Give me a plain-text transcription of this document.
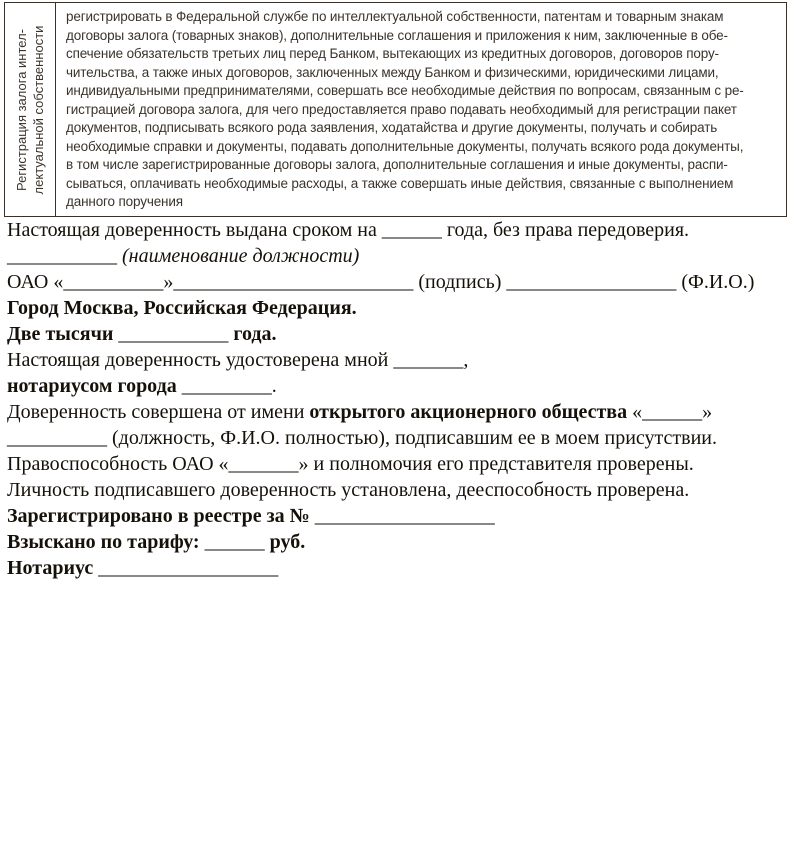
Регистрация залога интел- лектуальной собственности
регистрировать в Федеральной службе по интеллектуальной собственности, патентам и товарным знакам
договоры залога (товарных знаков), дополнительные соглашения и приложения к ним, заключенные в обе-
спечение обязательств третьих лиц перед Банком, вытекающих из кредитных договоров, договоров пору-
чительства, а также иных договоров, заключенных между Банком и физическими, юридическими лицами,
индивидуальными предпринимателями, совершать все необходимые действия по вопросам, связанным с ре-
гистрацией договора залога, для чего предоставляется право подавать необходимый для регистрации пакет
документов, подписывать всякого рода заявления, ходатайства и другие документы, получать и собирать
необходимые справки и документы, подавать дополнительные документы, получать всякого рода документы,
в том числе зарегистрированные договоры залога, дополнительные соглашения и иные документы, распи-
сываться, оплачивать необходимые расходы, а также совершать иные действия, связанные с выполнением
данного поручения

Настоящая доверенность выдана сроком на ______ года, без права передоверия.

___________ (наименование должности)

ОАО «__________»________________________ (подпись) _________________ (Ф.И.О.)

Город Москва, Российская Федерация.

Две тысячи ___________ года.

Настоящая доверенность удостоверена мной _______,

нотариусом города _________.

Доверенность совершена от имени открытого акционерного общества «______»

__________ (должность, Ф.И.О. полностью), подписавшим ее в моем присутствии.

Правоспособность ОАО «_______» и полномочия его представителя проверены.

Личность подписавшего доверенность установлена, дееспособность проверена.

Зарегистрировано в реестре за № __________________

Взыскано по тарифу: ______ руб.

Нотариус __________________
